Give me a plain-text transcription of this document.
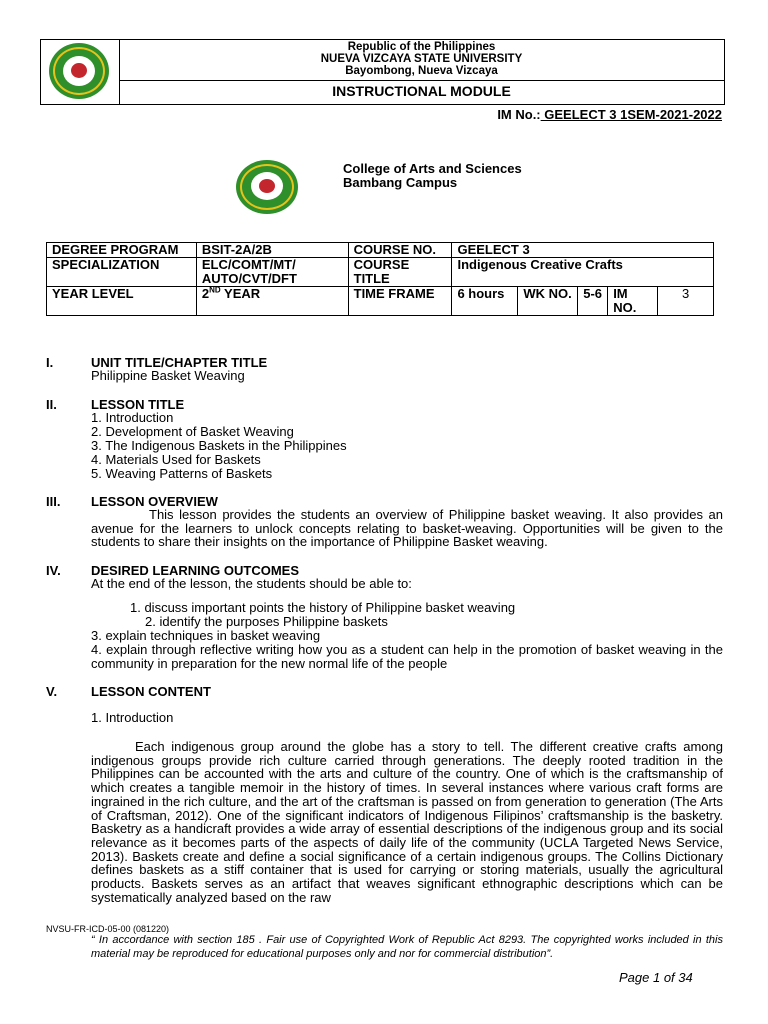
Republic of the Philippines
NUEVA VIZCAYA STATE UNIVERSITY
Bayombong, Nueva Vizcaya
INSTRUCTIONAL MODULE
IM No.: GEELECT 3 1SEM-2021-2022
College of Arts and Sciences
Bambang Campus
DEGREE PROGRAM	BSIT-2A/2B	COURSE NO.	GEELECT 3				
SPECIALIZATION	ELC/COMT/MT/ AUTO/CVT/DFT	COURSE TITLE	Indigenous Creative Crafts				
YEAR LEVEL	2ND YEAR	TIME FRAME	6 hours	WK NO.	5-6	IM NO.	3
I.	UNIT TITLE/CHAPTER TITLE
Philippine Basket Weaving
II.	LESSON TITLE
1. Introduction
2. Development of Basket Weaving
3. The Indigenous Baskets in the Philippines
4. Materials Used for Baskets
5. Weaving Patterns of Baskets
III. LESSON OVERVIEW
This lesson provides the students an overview of Philippine basket weaving. It also provides an avenue for the learners to unlock concepts relating to basket-weaving. Opportunities will be given to the students to share their insights on the importance of Philippine Basket weaving.
IV. DESIRED LEARNING OUTCOMES
At the end of the lesson, the students should be able to:
1. discuss important points the history of Philippine basket weaving
2. identify the purposes Philippine baskets
3. explain techniques in basket weaving
4. explain through reflective writing how you as a student can help in the promotion of basket weaving in the community in preparation for the new normal life of the people
V.	LESSON CONTENT
1. Introduction
Each indigenous group around the globe has a story to tell. The different creative crafts among indigenous groups provide rich culture carried through generations. The deeply rooted tradition in the Philippines can be accounted with the arts and culture of the country. One of which is the craftsmanship of which creates a tangible memoir in the history of times. In several instances where various craft forms are ingrained in the rich culture, and the art of the craftsman is passed on from generation to generation (The Arts of Craftsman, 2012). One of the significant indicators of Indigenous Filipinos’ craftsmanship is the basketry. Basketry as a handicraft provides a wide array of essential descriptions of the indigenous group and its social relevance as it becomes parts of the aspects of daily life of the community (UCLA Targeted News Service, 2013). Baskets create and define a social significance of a certain indigenous groups. The Collins Dictionary defines baskets as a stiff container that is used for carrying or storing materials, usually the agricultural products. Baskets serves as an artifact that weaves significant ethnographic descriptions which can be systematically analyzed based on the raw
NVSU-FR-ICD-05-00 (081220)
“ In accordance with section 185 . Fair use of Copyrighted Work of Republic Act 8293. The copyrighted works included in this material may be reproduced for educational purposes only and nor for commercial distribution”.
Page 1 of 34
